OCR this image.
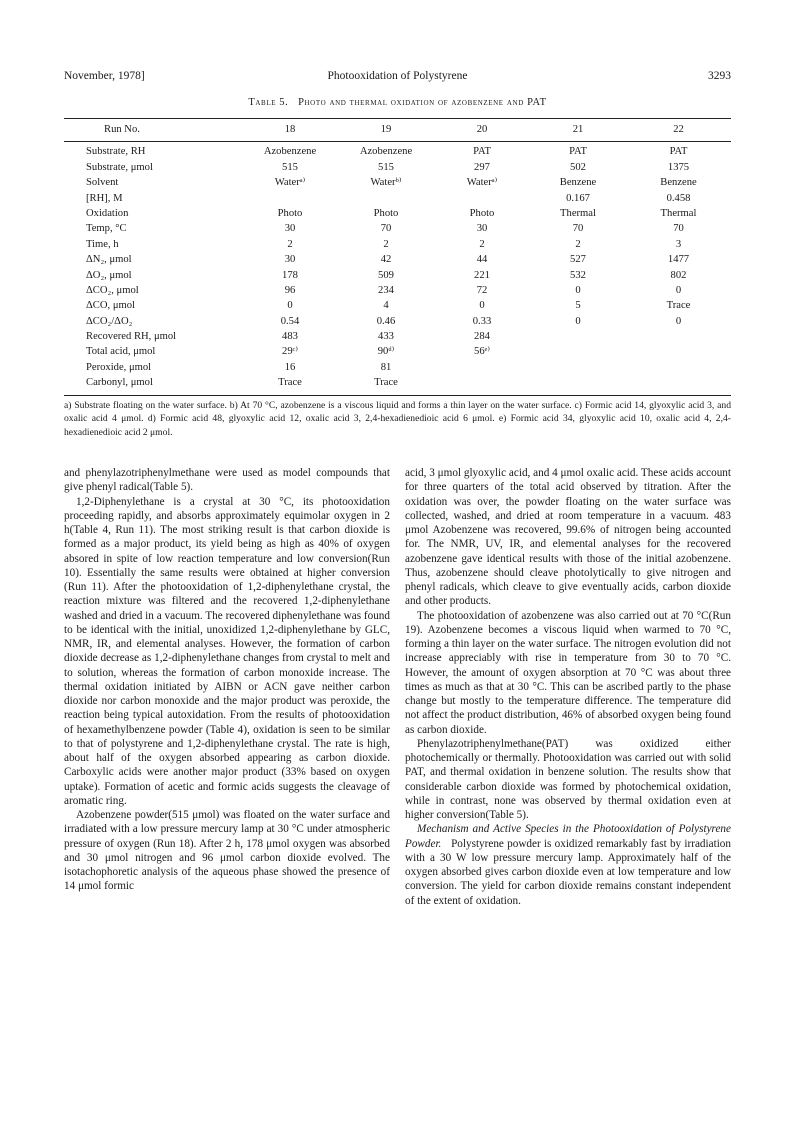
November, 1978]	Photooxidation of Polystyrene	3293
Table 5. Photo and thermal oxidation of azobenzene and PAT
Run No.	18	19	20	21	22
Substrate, RH	Azobenzene	Azobenzene	PAT	PAT	PAT
Substrate, μmol	515	515	297	502	1375
Solvent	Waterᵃ⁾	Waterᵇ⁾	Waterᵃ⁾	Benzene	Benzene
[RH], M				0.167	0.458
Oxidation	Photo	Photo	Photo	Thermal	Thermal
Temp, °C	30	70	30	70	70
Time, h	2	2	2	2	3
ΔN₂, μmol	30	42	44	527	1477
ΔO₂, μmol	178	509	221	532	802
ΔCO₂, μmol	96	234	72	0	0
ΔCO, μmol	0	4	0	5	Trace
ΔCO₂/ΔO₂	0.54	0.46	0.33	0	0
Recovered RH, μmol	483	433	284		
Total acid, μmol	29ᶜ⁾	90ᵈ⁾	56ᵉ⁾		
Peroxide, μmol	16	81			
Carbonyl, μmol	Trace	Trace			
a) Substrate floating on the water surface. b) At 70 °C, azobenzene is a viscous liquid and forms a thin layer on the water surface. c) Formic acid 14, glyoxylic acid 3, and oxalic acid 4 μmol. d) Formic acid 48, glyoxylic acid 12, oxalic acid 3, 2,4-hexadienedioic acid 6 μmol. e) Formic acid 34, glyoxylic acid 10, oxalic acid 4, 2,4-hexadienedioic acid 2 μmol.

and phenylazotriphenylmethane were used as model compounds that give phenyl radical(Table 5).

1,2-Diphenylethane is a crystal at 30 °C, its photooxidation proceeding rapidly, and absorbs approximately equimolar oxygen in 2 h(Table 4, Run 11). The most striking result is that carbon dioxide is formed as a major product, its yield being as high as 40% of oxygen absored in spite of low reaction temperature and low conversion(Run 10). Essentially the same results were obtained at higher conversion (Run 11). After the photooxidation of 1,2-diphenylethane crystal, the reaction mixture was filtered and the recovered 1,2-diphenylethane washed and dried in a vacuum. The recovered diphenylethane was found to be identical with the initial, unoxidized 1,2-diphenylethane by GLC, NMR, IR, and elemental analyses. However, the formation of carbon dioxide decrease as 1,2-diphenylethane changes from crystal to melt and to solution, whereas the formation of carbon monoxide increase. The thermal oxidation initiated by AIBN or ACN gave neither carbon dioxide nor carbon monoxide and the major product was peroxide, the reaction being typical autoxidation. From the results of photooxidation of hexamethylbenzene powder (Table 4), oxidation is seen to be similar to that of polystyrene and 1,2-diphenylethane crystal. The rate is high, about half of the oxygen absorbed appearing as carbon dioxide. Carboxylic acids were another major product (33% based on oxygen uptake). Formation of acetic and formic acids suggests the cleavage of aromatic ring.

Azobenzene powder(515 μmol) was floated on the water surface and irradiated with a low pressure mercury lamp at 30 °C under atmospheric pressure of oxygen (Run 18). After 2 h, 178 μmol oxygen was absorbed and 30 μmol nitrogen and 96 μmol carbon dioxide evolved. The isotachophoretic analysis of the aqueous phase showed the presence of 14 μmol formic

acid, 3 μmol glyoxylic acid, and 4 μmol oxalic acid. These acids account for three quarters of the total acid observed by titration. After the oxidation was over, the powder floating on the water surface was collected, washed, and dried at room temperature in a vacuum. 483 μmol Azobenzene was recovered, 99.6% of nitrogen being accounted for. The NMR, UV, IR, and elemental analyses for the recovered azobenzene gave identical results with those of the initial azobenzene. Thus, azobenzene should cleave photolytically to give nitrogen and phenyl radicals, which cleave to give eventually acids, carbon dioxide and other products.

The photooxidation of azobenzene was also carried out at 70 °C(Run 19). Azobenzene becomes a viscous liquid when warmed to 70 °C, forming a thin layer on the water surface. The nitrogen evolution did not increase appreciably with rise in temperature from 30 to 70 °C. However, the amount of oxygen absorption at 70 °C was about three times as much as that at 30 °C. This can be ascribed partly to the phase change but mostly to the temperature difference. The temperature did not affect the product distribution, 46% of absorbed oxygen being found as carbon dioxide.

Phenylazotriphenylmethane(PAT) was oxidized either photochemically or thermally. Photooxidation was carried out with solid PAT, and thermal oxidation in benzene solution. The results show that considerable carbon dioxide was formed by photochemical oxidation, while in contrast, none was observed by thermal oxidation even at higher conversion(Table 5).

Mechanism and Active Species in the Photooxidation of Polystyrene Powder. Polystyrene powder is oxidized remarkably fast by irradiation with a 30 W low pressure mercury lamp. Approximately half of the oxygen absorbed gives carbon dioxide even at low temperature and low conversion. The yield for carbon dioxide remains constant independent of the extent of oxidation.
